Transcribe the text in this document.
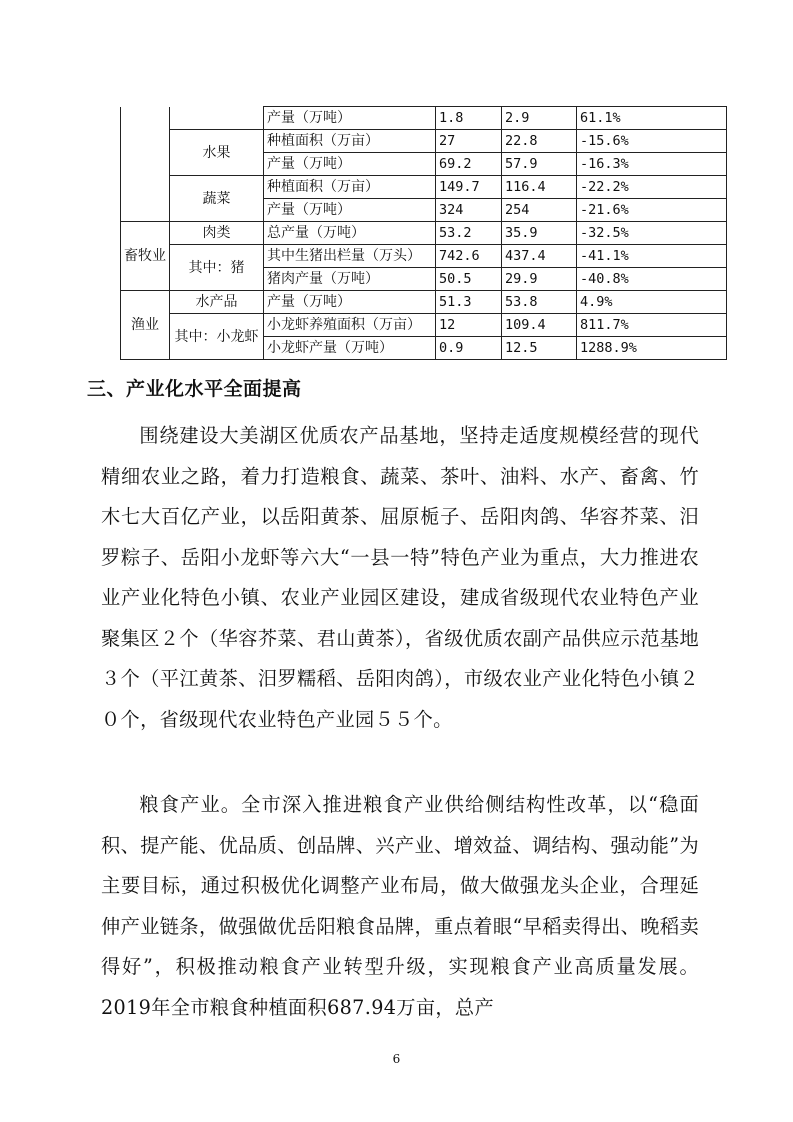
		产量（万吨）	1.8	2.9	61.1%
	水果	种植面积（万亩）	27	22.8	-15.6%
		产量（万吨）	69.2	57.9	-16.3%
	蔬菜	种植面积（万亩）	149.7	116.4	-22.2%
		产量（万吨）	324	254	-21.6%
畜牧业	肉类	总产量（万吨）	53.2	35.9	-32.5%
	其中：猪	其中生猪出栏量（万头）	742.6	437.4	-41.1%
		猪肉产量（万吨）	50.5	29.9	-40.8%
渔业	水产品	产量（万吨）	51.3	53.8	4.9%
	其中：小龙虾	小龙虾养殖面积（万亩）	12	109.4	811.7%
		小龙虾产量（万吨）	0.9	12.5	1288.9%
三、产业化水平全面提高

围绕建设大美湖区优质农产品基地，坚持走适度规模经营的现代精细农业之路，着力打造粮食、蔬菜、茶叶、油料、水产、畜禽、竹木七大百亿产业，以岳阳黄茶、屈原栀子、岳阳肉鸽、华容芥菜、汨罗粽子、岳阳小龙虾等六大“一县一特”特色产业为重点，大力推进农业产业化特色小镇、农业产业园区建设，建成省级现代农业特色产业聚集区２个（华容芥菜、君山黄茶），省级优质农副产品供应示范基地３个（平江黄茶、汨罗糯稻、岳阳肉鸽），市级农业产业化特色小镇２０个，省级现代农业特色产业园５５个。

粮食产业。全市深入推进粮食产业供给侧结构性改革，以“稳面积、提产能、优品质、创品牌、兴产业、增效益、调结构、强动能”为主要目标，通过积极优化调整产业布局，做大做强龙头企业，合理延伸产业链条，做强做优岳阳粮食品牌，重点着眼“早稻卖得出、晚稻卖得好”，积极推动粮食产业转型升级，实现粮食产业高质量发展。2019年全市粮食种植面积687.94万亩，总产

6
